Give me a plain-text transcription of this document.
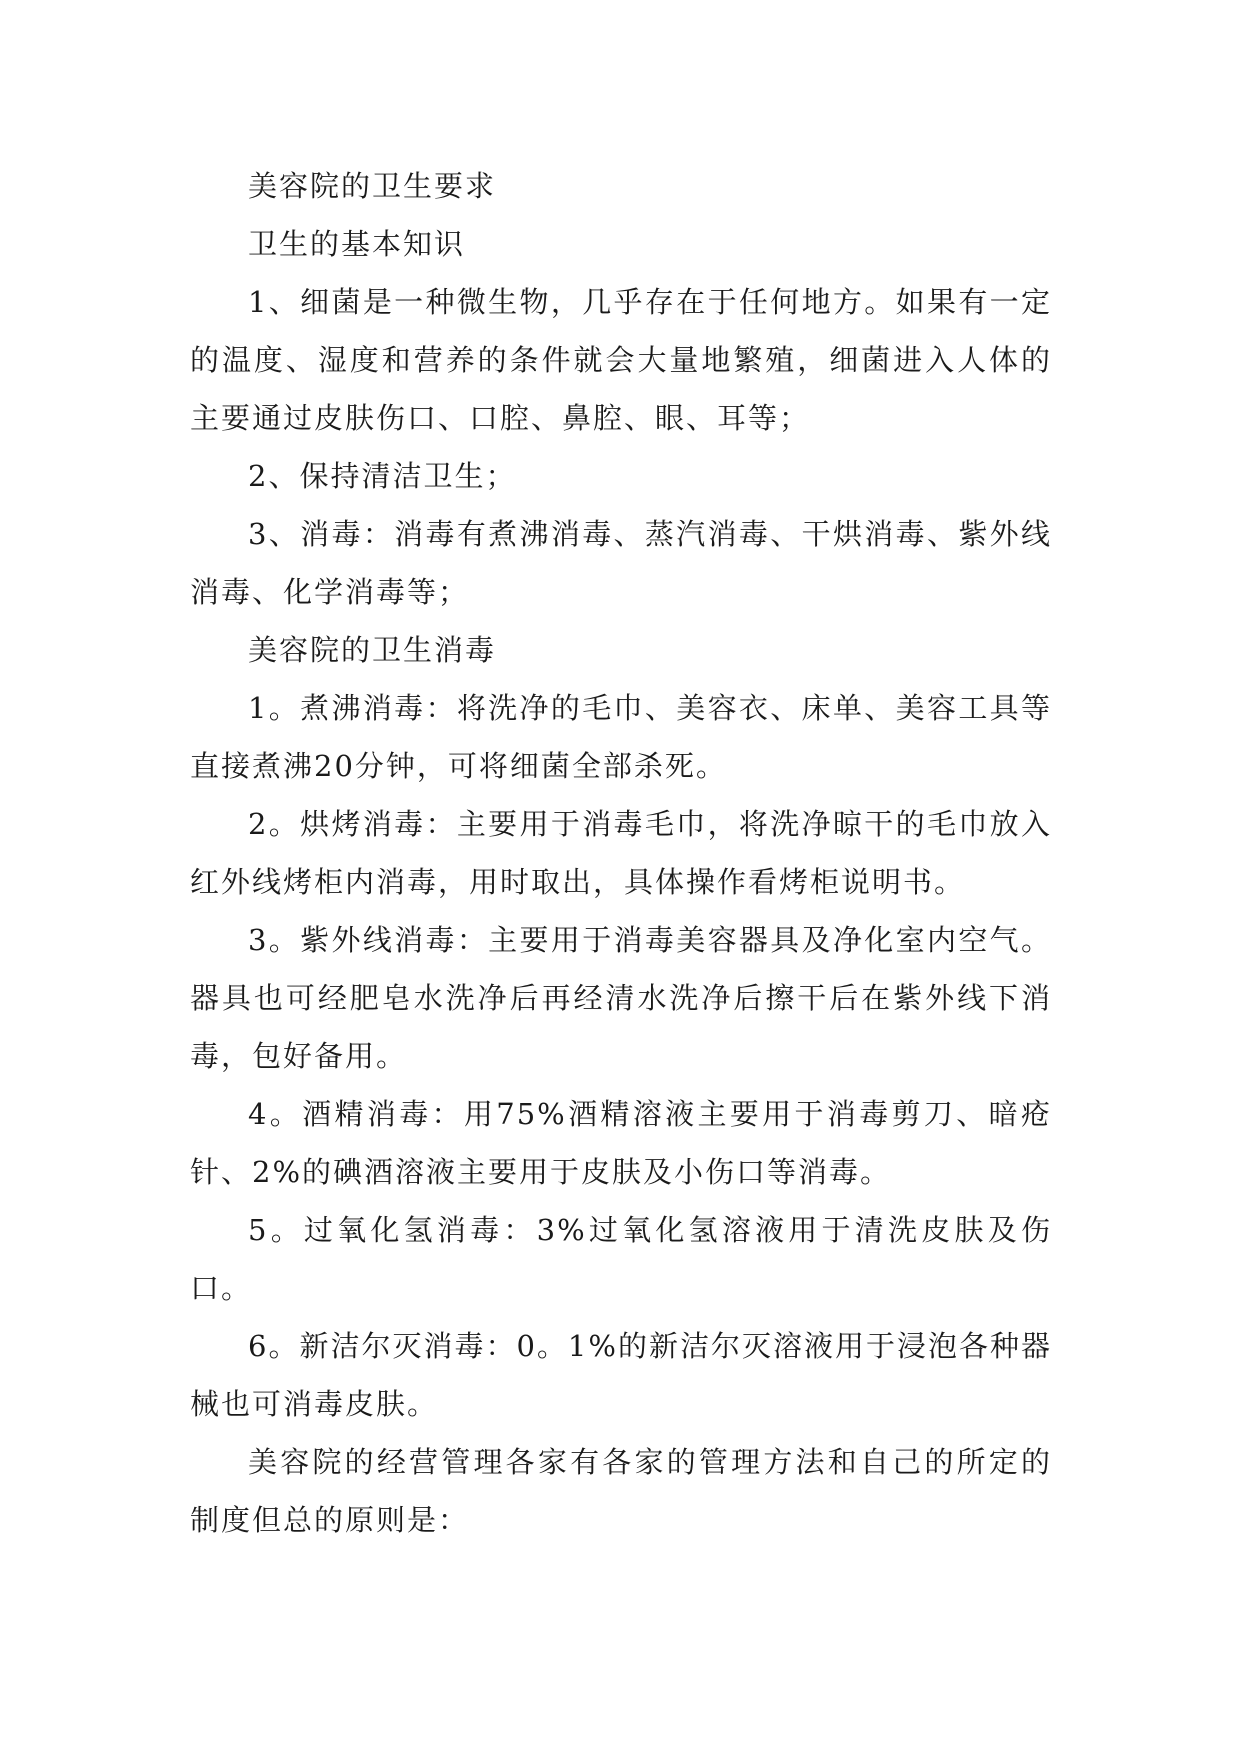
美容院的卫生要求

卫生的基本知识

1、细菌是一种微生物，几乎存在于任何地方。如果有一定的温度、湿度和营养的条件就会大量地繁殖，细菌进入人体的主要通过皮肤伤口、口腔、鼻腔、眼、耳等；

2、保持清洁卫生；

3、消毒：消毒有煮沸消毒、蒸汽消毒、干烘消毒、紫外线消毒、化学消毒等；

美容院的卫生消毒

1。煮沸消毒：将洗净的毛巾、美容衣、床单、美容工具等直接煮沸20分钟，可将细菌全部杀死。

2。烘烤消毒：主要用于消毒毛巾，将洗净晾干的毛巾放入红外线烤柜内消毒，用时取出，具体操作看烤柜说明书。

3。紫外线消毒：主要用于消毒美容器具及净化室内空气。器具也可经肥皂水洗净后再经清水洗净后擦干后在紫外线下消毒，包好备用。

4。酒精消毒：用75%酒精溶液主要用于消毒剪刀、暗疮针、2%的碘酒溶液主要用于皮肤及小伤口等消毒。

5。过氧化氢消毒：3%过氧化氢溶液用于清洗皮肤及伤口。

6。新洁尔灭消毒：0。1%的新洁尔灭溶液用于浸泡各种器械也可消毒皮肤。

美容院的经营管理各家有各家的管理方法和自己的所定的制度但总的原则是：
